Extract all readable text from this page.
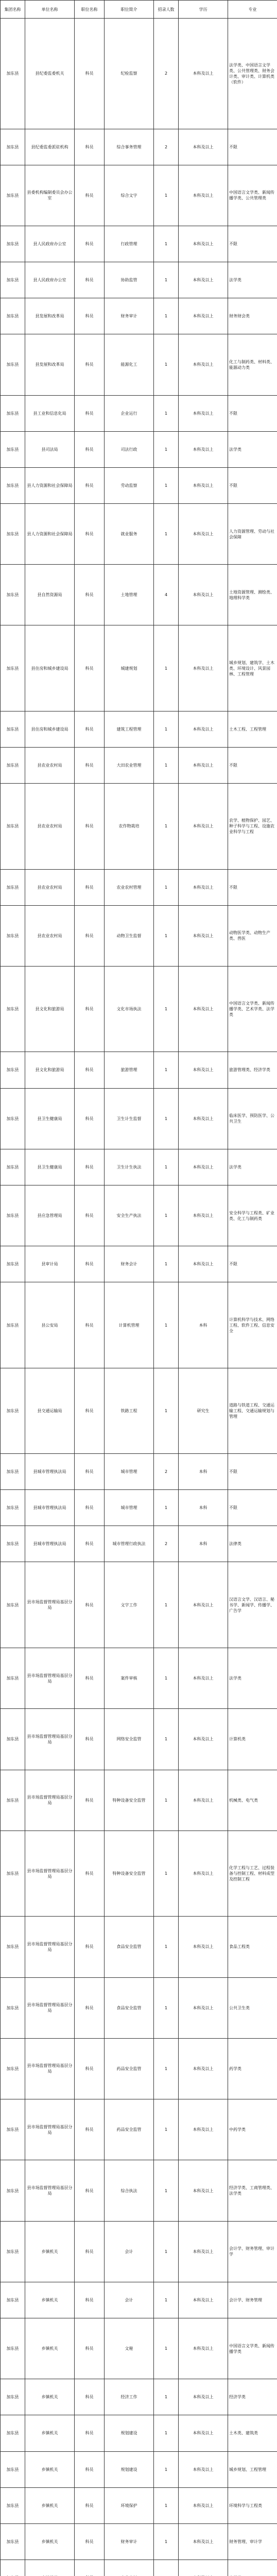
集团名称	单位名称	职位名称	职位简介	招录人数	学历	专业
加东县	县纪委监委机关	科员	纪检监察	2	本科及以上	法学类、中国语言文学类、公共管理类、财务会计类、审计类、计算机类（软件）
加东县	县纪委监委派驻机构	科员	综合事务管理	2	本科及以上	不限
加东县	县委机构编制委员会办公室	科员	综合文字	1	本科及以上	中国语言文学类、新闻传播学类、公共管理类
加东县	县人民政府办公室	科员	行政管理	1	本科及以上	不限
加东县	县人民政府办公室	科员	协助监管	1	本科及以上	法学类
加东县	县发展和改革局	科员	财务审计	1	本科及以上	财务财会类
加东县	县发展和改革局	科员	能源化工	1	本科及以上	化工与制药类、材料类、能源动力类
加东县	县工业和信息化局	科员	企业运行	1	本科及以上	不限
加东县	县司法局	科员	司法行政	1	本科及以上	法学类
加东县	县人力资源和社会保障局	科员	劳动监察	1	本科及以上	不限
加东县	县人力资源和社会保障局	科员	就业服务	1	本科及以上	人力资源管理、劳动与社会保障
加东县	县自然资源局	科员	土地管理	4	本科及以上	土地资源管理、测绘类、地理科学类
加东县	县住房和城乡建设局	科员	城建规划	1	本科及以上	城乡规划、建筑学、土木类、环境设计、风景园林、工程管理
加东县	县住房和城乡建设局	科员	建筑工程管理	1	本科及以上	土木工程、工程管理
加东县	县农业农村局	科员	大田农业管理	1	本科及以上	不限
加东县	县农业农村局	科员	农作物栽培	1	本科及以上	农学、植物保护、园艺、种子科学与工程、设施农业科学与工程
加东县	县农业农村局	科员	农业农村管理	1	本科及以上	不限
加东县	县农业农村局	科员	动物卫生监督	1	本科及以上	动物医学类、动物生产类、兽医
加东县	县文化和旅游局	科员	文化市场执法	1	本科及以上	中国语言文学类、新闻传播学类、艺术学类、法学类
加东县	县文化和旅游局	科员	旅游管理	1	本科及以上	旅游管理类、经济学类
加东县	县卫生健康局	科员	卫生计生监督	1	本科及以上	临床医学、预防医学、公共卫生
加东县	县卫生健康局	科员	卫生计生执法	1	本科及以上	法学类
加东县	县应急管理局	科员	安全生产执法	1	本科及以上	安全科学与工程类、矿业类、化工与制药类
加东县	县审计局	科员	财务会计	1	本科及以上	不限
加东县	县公安局	科员	计算机管理	1	本科	计算机科学与技术、网络工程、软件工程、信息安全
加东县	县交通运输局	科员	铁路工程	1	研究生	道路与铁道工程、交通运输工程、交通运输规划与管理
加东县	县城市管理执法局	科员	城市管理	2	本科	不限
加东县	县城市管理执法局	科员	城市管理	1	本科	不限
加东县	县城市管理执法局	科员	城市管理行政执法	2	本科	法律类
加东县	县市场监督管理局基层分局	科员	文字工作	1	本科及以上	汉语言文学、汉语言、秘书学、新闻学、传播学、广告学
加东县	县市场监督管理局基层分局	科员	案件审核	1	本科及以上	法学类
加东县	县市场监督管理局基层分局	科员	网络安全监管	1	本科及以上	计算机类
加东县	县市场监督管理局基层分局	科员	特种设备安全监管	1	本科及以上	机械类、电气类
加东县	县市场监督管理局基层分局	科员	特种设备安全监管	1	本科及以上	化学工程与工艺、过程装备与控制工程、材料成型及控制工程
加东县	县市场监督管理局基层分局	科员	食品安全监管	1	本科及以上	食品工程类
加东县	县市场监督管理局基层分局	科员	食品安全监管	1	本科及以上	公共卫生类
加东县	县市场监督管理局基层分局	科员	药品安全监管	1	本科及以上	药学类
加东县	县市场监督管理局基层分局	科员	药品安全监管	1	本科及以上	中药学类
加东县	县市场监督管理局基层分局	科员	综合执法	1	本科及以上	经济学类、工商管理类、法学类
加东县	乡镇机关	科员	会计	1	本科及以上	会计学、财务管理、审计学
加东县	乡镇机关	科员	会计	1	本科及以上	会计学、财务管理
加东县	乡镇机关	科员	文秘	1	本科及以上	中国语言文学类、新闻传播学类
加东县	乡镇机关	科员	经济工作	1	本科及以上	经济学类
加东县	乡镇机关	科员	规划建设	1	本科及以上	土木类、建筑类
加东县	乡镇机关	科员	规划建设	1	本科及以上	城乡规划、工程管理
加东县	乡镇机关	科员	环境保护	1	本科及以上	环境科学与工程类
加东县	乡镇机关	科员	财务审计	1	本科及以上	财务管理、审计学
